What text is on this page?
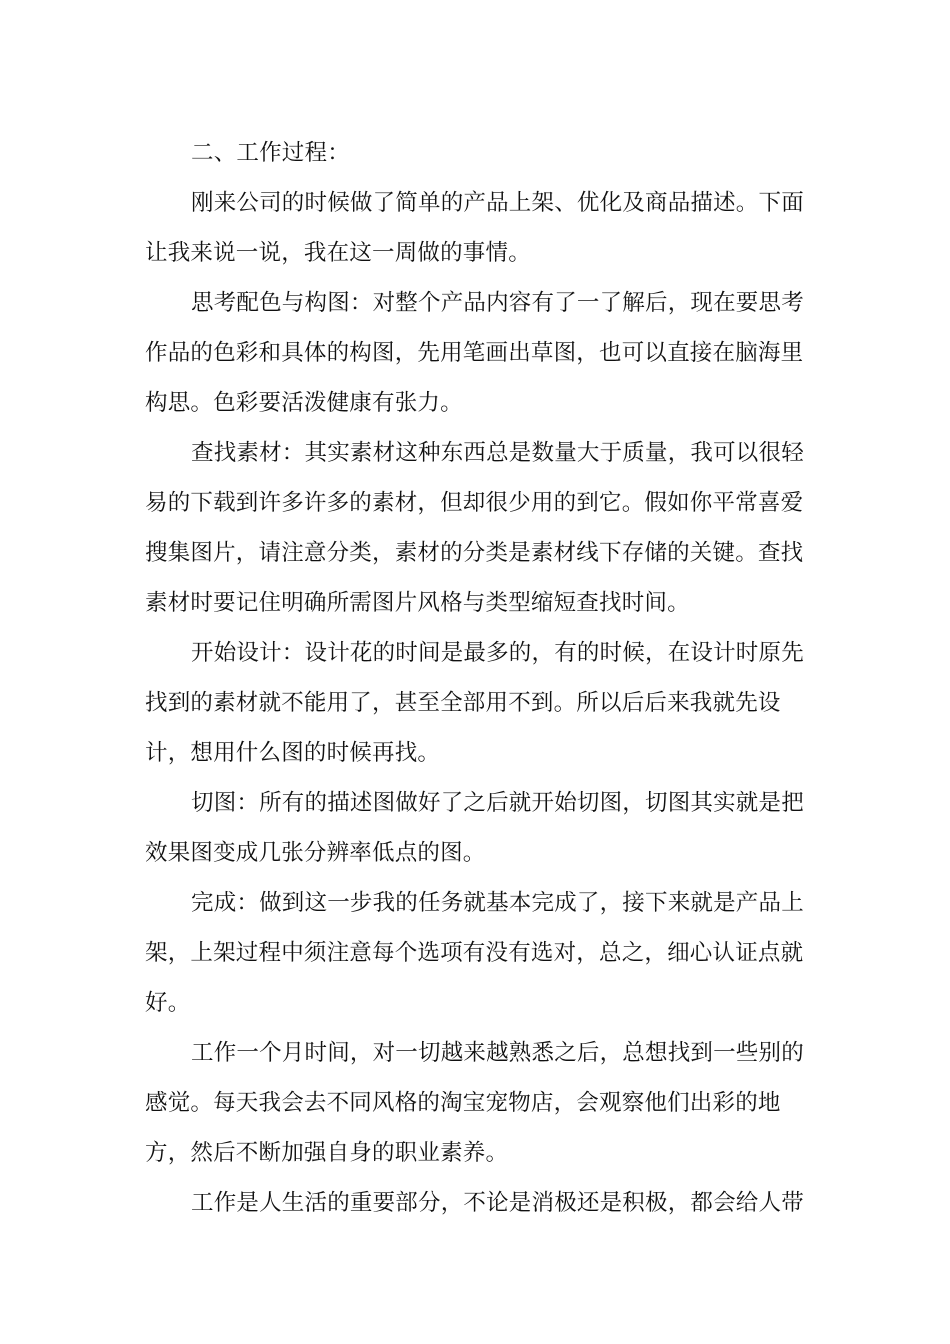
二、工作过程：

刚来公司的时候做了简单的产品上架、优化及商品描述。下面让我来说一说，我在这一周做的事情。

思考配色与构图：对整个产品内容有了一了解后，现在要思考作品的色彩和具体的构图，先用笔画出草图，也可以直接在脑海里构思。色彩要活泼健康有张力。

查找素材：其实素材这种东西总是数量大于质量，我可以很轻易的下载到许多许多的素材，但却很少用的到它。假如你平常喜爱搜集图片，请注意分类，素材的分类是素材线下存储的关键。查找素材时要记住明确所需图片风格与类型缩短查找时间。

开始设计：设计花的时间是最多的，有的时候，在设计时原先找到的素材就不能用了，甚至全部用不到。所以后后来我就先设计，想用什么图的时候再找。

切图：所有的描述图做好了之后就开始切图，切图其实就是把效果图变成几张分辨率低点的图。

完成：做到这一步我的任务就基本完成了，接下来就是产品上架，上架过程中须注意每个选项有没有选对，总之，细心认证点就好。

工作一个月时间，对一切越来越熟悉之后，总想找到一些别的感觉。每天我会去不同风格的淘宝宠物店，会观察他们出彩的地方，然后不断加强自身的职业素养。

工作是人生活的重要部分，不论是消极还是积极，都会给人带
